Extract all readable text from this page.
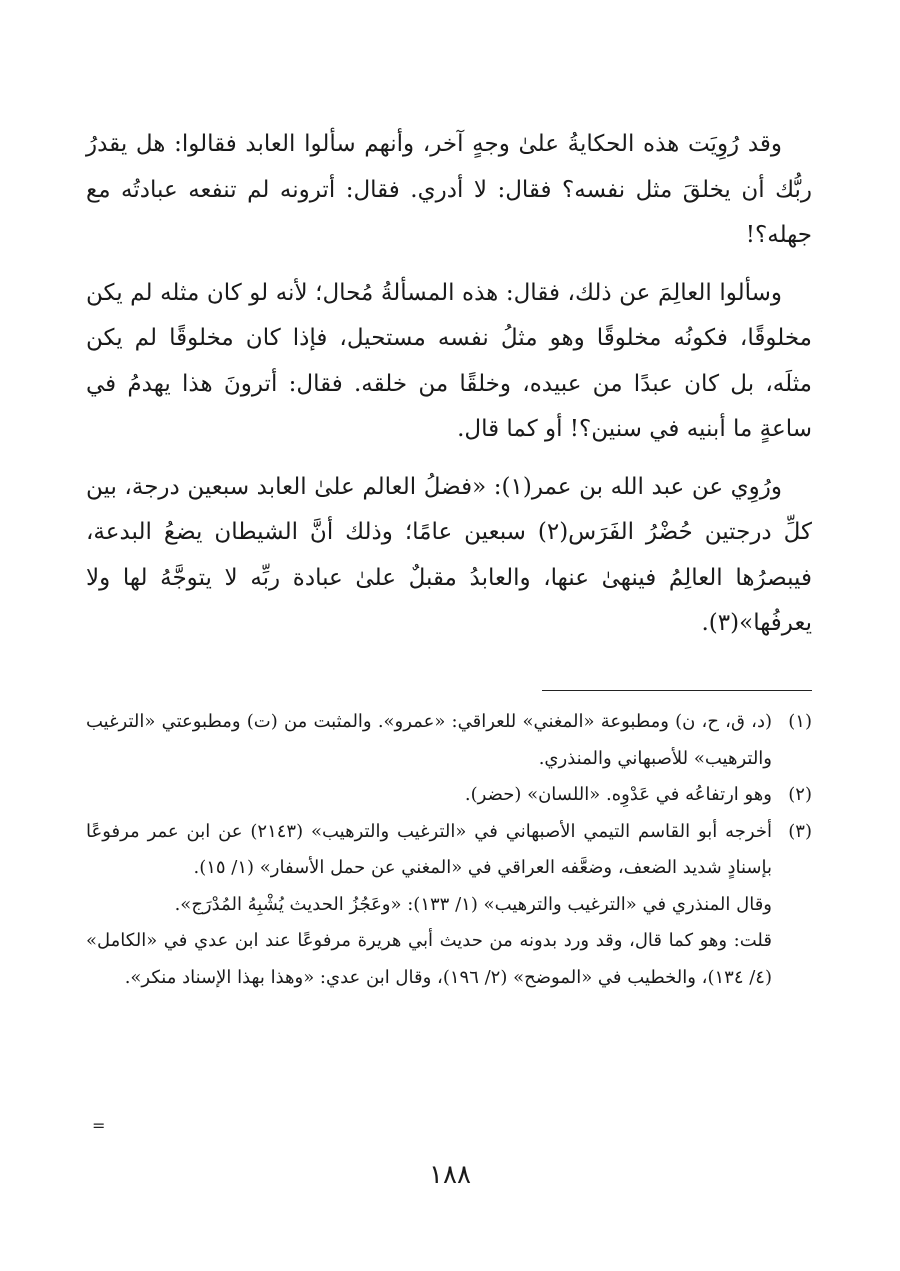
وقد رُوِيَت هذه الحكايةُ علىٰ وجهٍ آخر، وأنهم سألوا العابد فقالوا: هل يقدرُ ربُّك أن يخلقَ مثل نفسه؟ فقال: لا أدري. فقال: أترونه لم تنفعه عبادتُه مع جهله؟!

وسألوا العالِمَ عن ذلك، فقال: هذه المسألةُ مُحال؛ لأنه لو كان مثله لم يكن مخلوقًا، فكونُه مخلوقًا وهو مثلُ نفسه مستحيل، فإذا كان مخلوقًا لم يكن مثلَه، بل كان عبدًا من عبيده، وخلقًا من خلقه. فقال: أترونَ هذا يهدمُ في ساعةٍ ما أبنيه في سنين؟! أو كما قال.

ورُوِي عن عبد الله بن عمر(١): «فضلُ العالم علىٰ العابد سبعين درجة، بين كلِّ درجتين حُضْرُ الفَرَس(٢) سبعين عامًا؛ وذلك أنَّ الشيطان يضعُ البدعة، فيبصرُها العالِمُ فينهىٰ عنها، والعابدُ مقبلٌ علىٰ عبادة ربِّه لا يتوجَّهُ لها ولا يعرفُها»(٣).

(١)
(د، ق، ح، ن) ومطبوعة «المغني» للعراقي: «عمرو». والمثبت من (ت) ومطبوعتي «الترغيب والترهيب» للأصبهاني والمنذري.
(٢)
وهو ارتفاعُه في عَدْوِه. «اللسان» (حضر).
(٣)
أخرجه أبو القاسم التيمي الأصبهاني في «الترغيب والترهيب» (٢١٤٣) عن ابن عمر مرفوعًا بإسنادٍ شديد الضعف، وضعَّفه العراقي في «المغني عن حمل الأسفار» (١/ ١٥).
وقال المنذري في «الترغيب والترهيب» (١/ ١٣٣): «وعَجُزُ الحديث يُشْبِهُ المُدْرَج».
قلت: وهو كما قال، وقد ورد بدونه من حديث أبي هريرة مرفوعًا عند ابن عدي في «الكامل» (٤/ ١٣٤)، والخطيب في «الموضح» (٢/ ١٩٦)، وقال ابن عدي: «وهذا بهذا الإسناد منكر».
=
١٨٨
